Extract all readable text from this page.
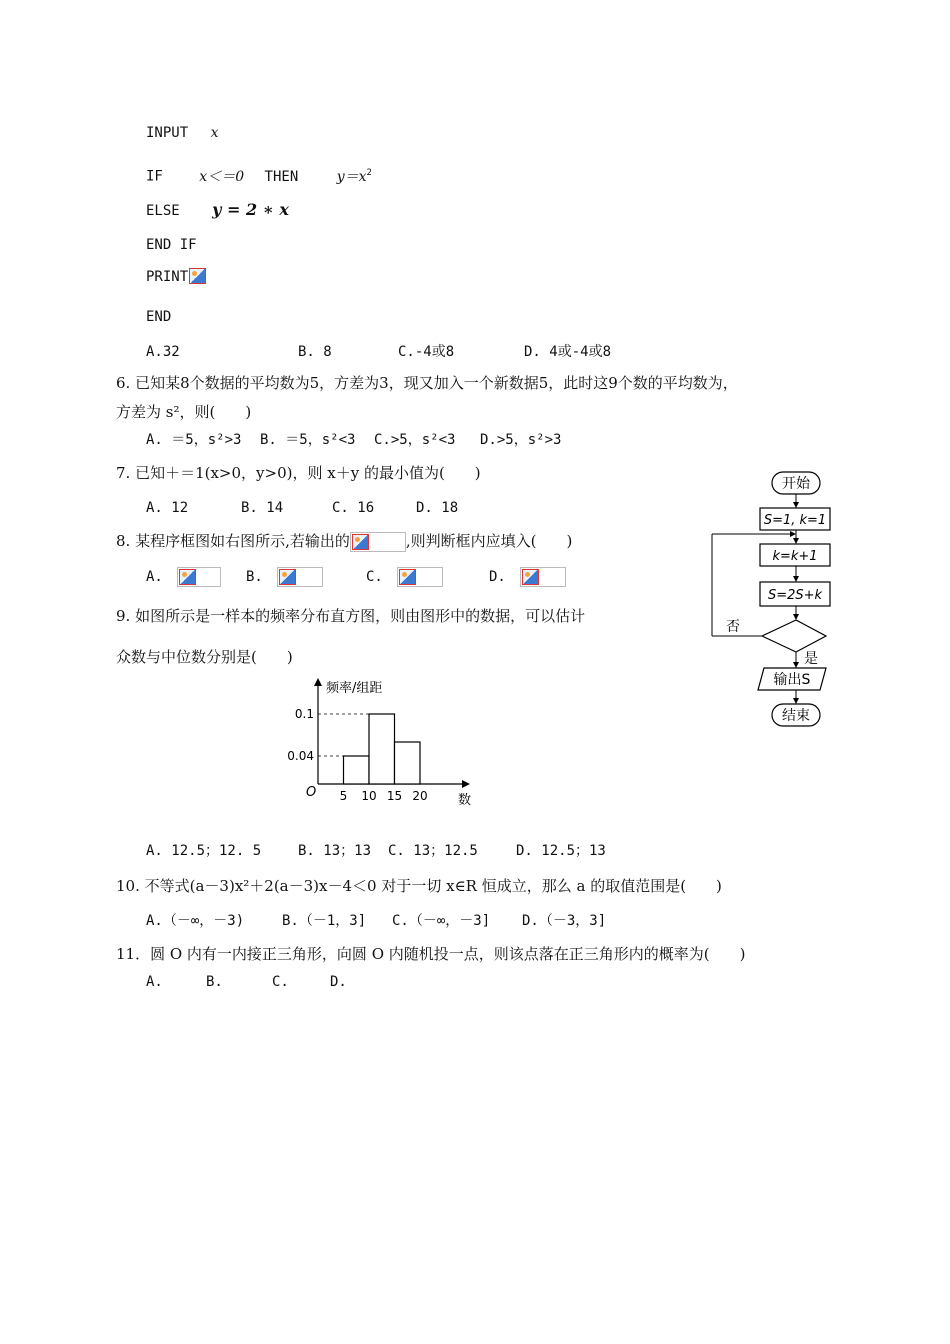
INPUT x
IF	x＜＝0 THEN	$y=x^2$
ELSE y = 2 ∗ x
END IF
PRINT
END
A.32	B. 8	C.-4或8	D. 4或-4或8
6. 已知某8个数据的平均数为5，方差为3，现又加入一个新数据5，此时这9个数的平均数为，
方差为 s²，则(　　)
A. ＝5，s²>3 B. ＝5，s²<3 C.>5，s²<3 D.>5，s²>3
7. 已知＋＝1(x>0，y>0)，则 x＋y 的最小值为(　　)
A. 12	B. 14	C. 16	D. 18
8. 某程序框图如右图所示,若输出的	,则判断框内应填入(　　)
A.	B.	C.	D.
9. 如图所示是一样本的频率分布直方图，则由图形中的数据，可以估计
众数与中位数分别是(　　)
0.04
0.1
5 10 15 20
O
频率/组距
数
A. 12.5；12. 5	B. 13；13 C. 13；12.5	D. 12.5；13
10. 不等式(a－3)x²＋2(a－3)x－4＜0 对于一切 x∈R 恒成立，那么 a 的取值范围是(　　)
A.（－∞，－3)	B.（－1，3] C.（－∞，－3] D.（－3，3]
11．圆 O 内有一内接正三角形，向圆 O 内随机投一点，则该点落在正三角形内的概率为(　　)
A.	B.	C.	D.
开始
S=1, k=1
k=k+1
S=2S+k
否
是
输出S
结束
